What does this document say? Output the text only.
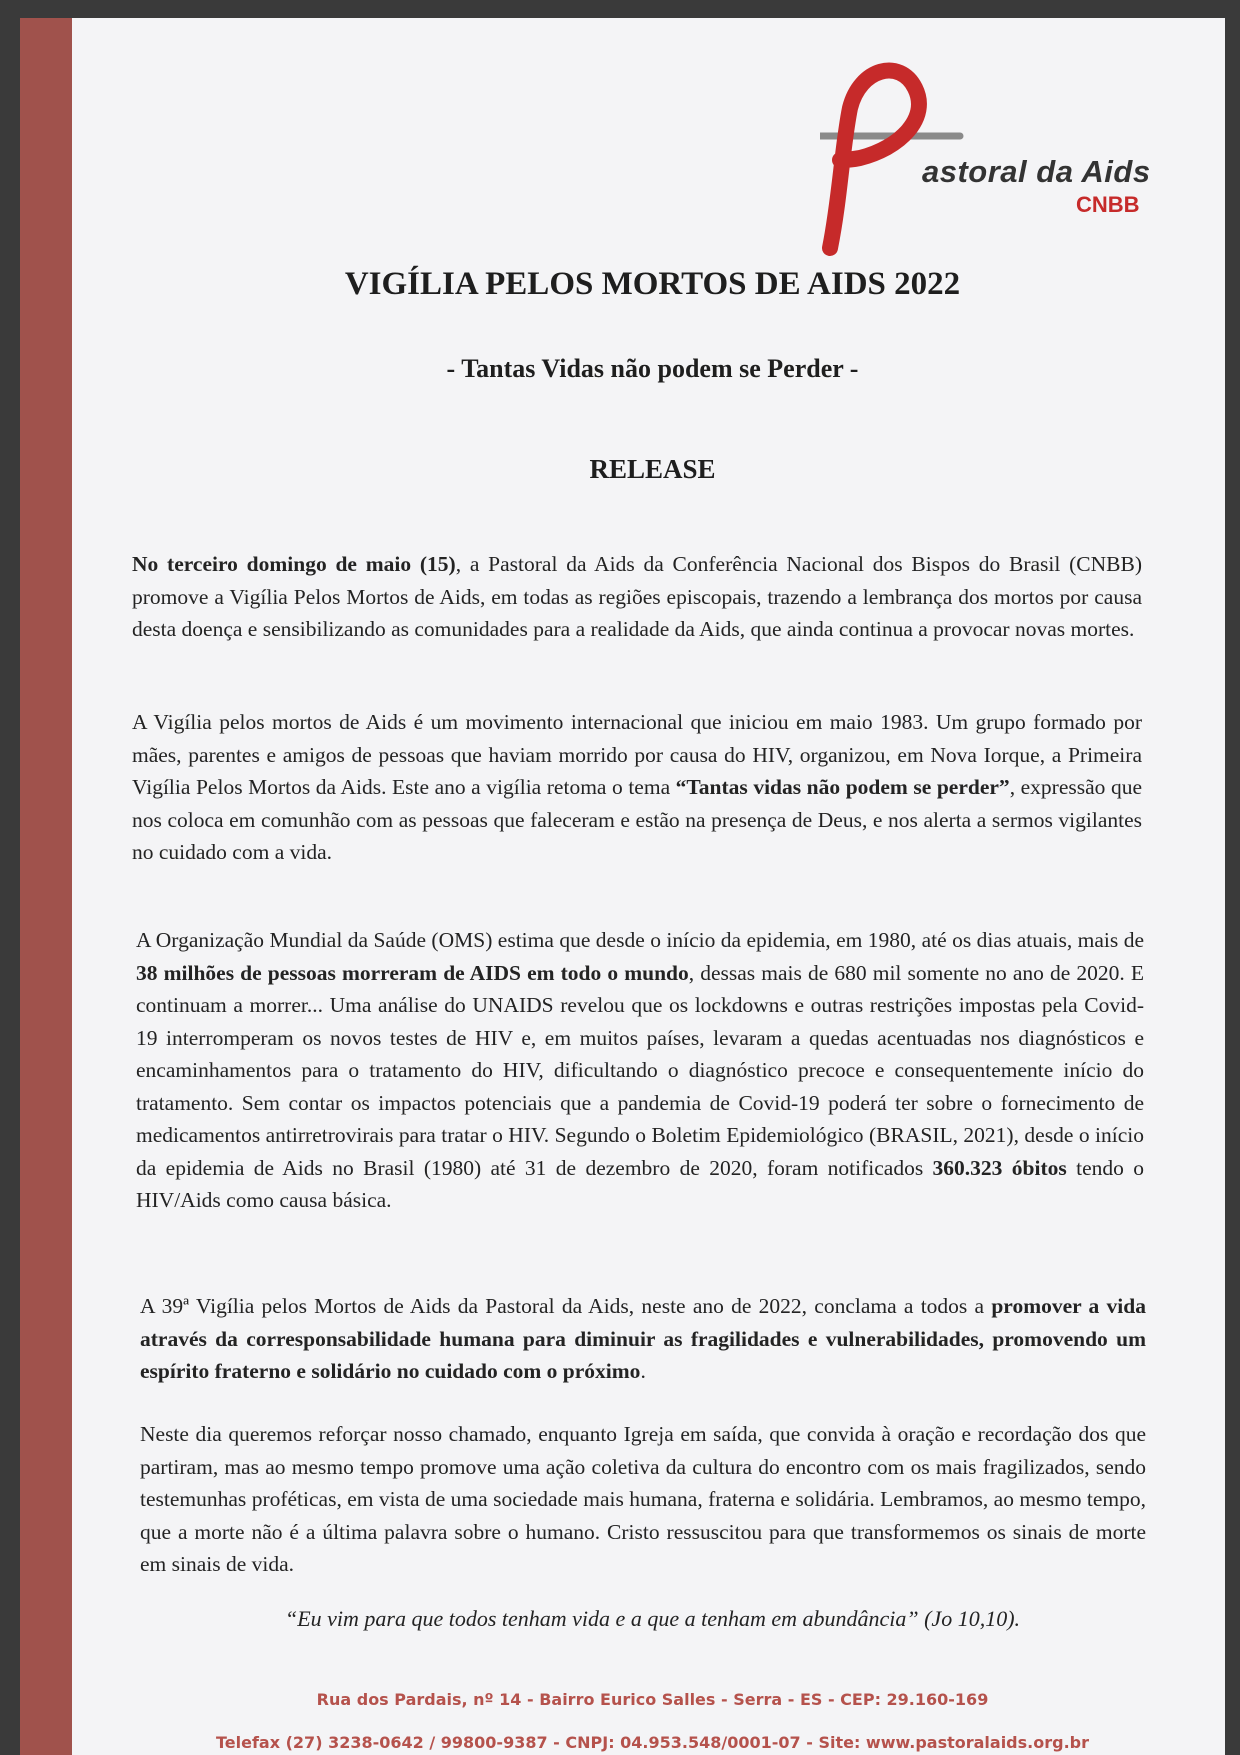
astoral da Aids
CNBB
VIGÍLIA PELOS MORTOS DE AIDS 2022
- Tantas Vidas não podem se Perder -
RELEASE

No terceiro domingo de maio (15), a Pastoral da Aids da Conferência Nacional dos Bispos do Brasil (CNBB) promove a Vigília Pelos Mortos de Aids, em todas as regiões episcopais, trazendo a lembrança dos mortos por causa desta doença e sensibilizando as comunidades para a realidade da Aids, que ainda continua a provocar novas mortes.

A Vigília pelos mortos de Aids é um movimento internacional que iniciou em maio 1983. Um grupo formado por mães, parentes e amigos de pessoas que haviam morrido por causa do HIV, organizou, em Nova Iorque, a Primeira Vigília Pelos Mortos da Aids. Este ano a vigília retoma o tema “Tantas vidas não podem se perder”, expressão que nos coloca em comunhão com as pessoas que faleceram e estão na presença de Deus, e nos alerta a sermos vigilantes no cuidado com a vida.

A Organização Mundial da Saúde (OMS) estima que desde o início da epidemia, em 1980, até os dias atuais, mais de 38 milhões de pessoas morreram de AIDS em todo o mundo, dessas mais de 680 mil somente no ano de 2020. E continuam a morrer... Uma análise do UNAIDS revelou que os lockdowns e outras restrições impostas pela Covid-19 interromperam os novos testes de HIV e, em muitos países, levaram a quedas acentuadas nos diagnósticos e encaminhamentos para o tratamento do HIV, dificultando o diagnóstico precoce e consequentemente início do tratamento. Sem contar os impactos potenciais que a pandemia de Covid-19 poderá ter sobre o fornecimento de medicamentos antirretrovirais para tratar o HIV. Segundo o Boletim Epidemiológico (BRASIL, 2021), desde o início da epidemia de Aids no Brasil (1980) até 31 de dezembro de 2020, foram notificados 360.323 óbitos tendo o HIV/Aids como causa básica.

A 39ª Vigília pelos Mortos de Aids da Pastoral da Aids, neste ano de 2022, conclama a todos a promover a vida através da corresponsabilidade humana para diminuir as fragilidades e vulnerabilidades, promovendo um espírito fraterno e solidário no cuidado com o próximo.

Neste dia queremos reforçar nosso chamado, enquanto Igreja em saída, que convida à oração e recordação dos que partiram, mas ao mesmo tempo promove uma ação coletiva da cultura do encontro com os mais fragilizados, sendo testemunhas proféticas, em vista de uma sociedade mais humana, fraterna e solidária. Lembramos, ao mesmo tempo, que a morte não é a última palavra sobre o humano. Cristo ressuscitou para que transformemos os sinais de morte em sinais de vida.

“Eu vim para que todos tenham vida e a que a tenham em abundância” (Jo 10,10).
Rua dos Pardais, nº 14 - Bairro Eurico Salles - Serra - ES - CEP: 29.160-169
Telefax (27) 3238-0642 / 99800-9387 - CNPJ: 04.953.548/0001-07 - Site: www.pastoralaids.org.br
